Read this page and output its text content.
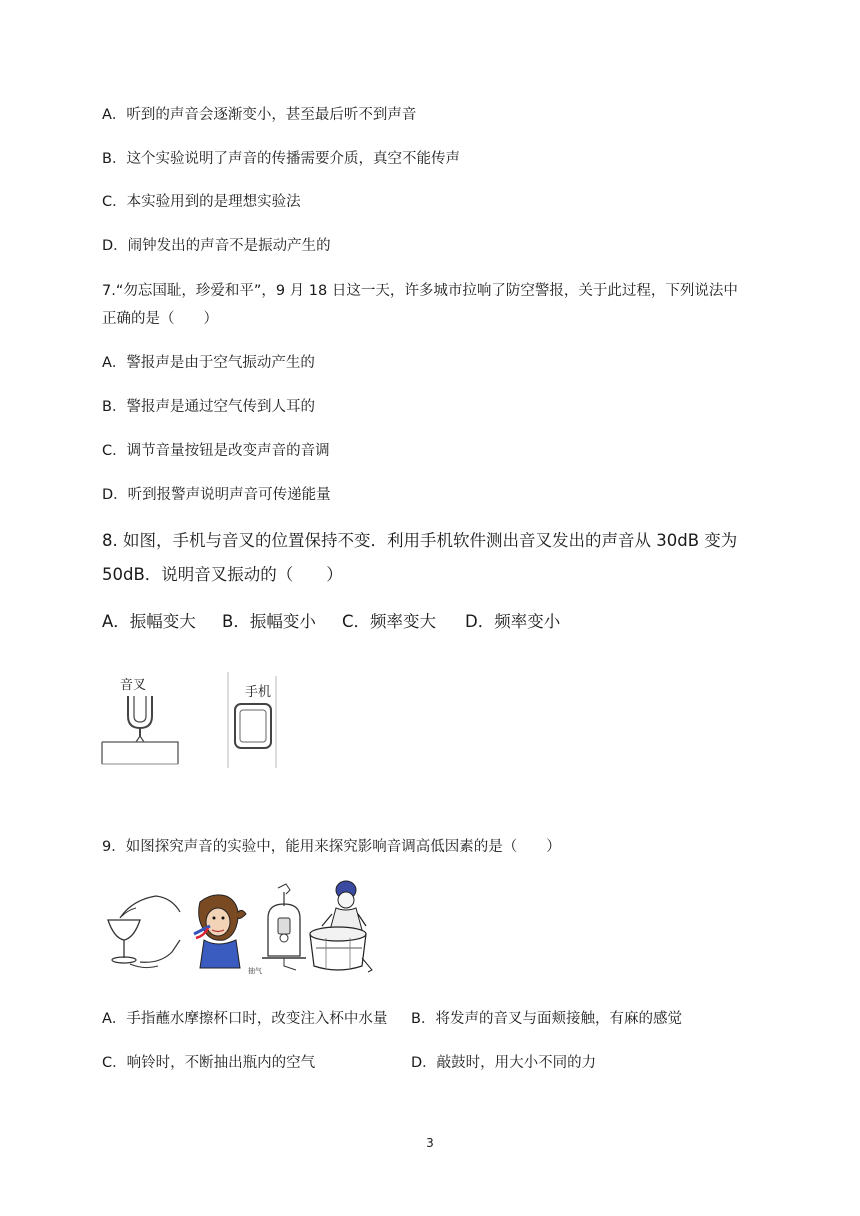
A．听到的声音会逐渐变小，甚至最后听不到声音
B．这个实验说明了声音的传播需要介质，真空不能传声
C．本实验用到的是理想实验法
D．闹钟发出的声音不是振动产生的
7.“勿忘国耻，珍爱和平”，9 月 18 日这一天，许多城市拉响了防空警报，关于此过程，下列说法中
正确的是（　　）
A．警报声是由于空气振动产生的
B．警报声是通过空气传到人耳的
C．调节音量按钮是改变声音的音调
D．听到报警声说明声音可传递能量
8. 如图，手机与音叉的位置保持不变．利用手机软件测出音叉发出的声音从 30dB 变为
50dB．说明音叉振动的（　　）
A．振幅变大 B．振幅变小 C．频率变大 D．频率变小
音叉	手机
9．如图探究声音的实验中，能用来探究影响音调高低因素的是（　　）
抽气
A．手指蘸水摩擦杯口时，改变注入杯中水量 B．将发声的音叉与面颊接触，有麻的感觉
C．响铃时，不断抽出瓶内的空气	D．敲鼓时，用大小不同的力
3
